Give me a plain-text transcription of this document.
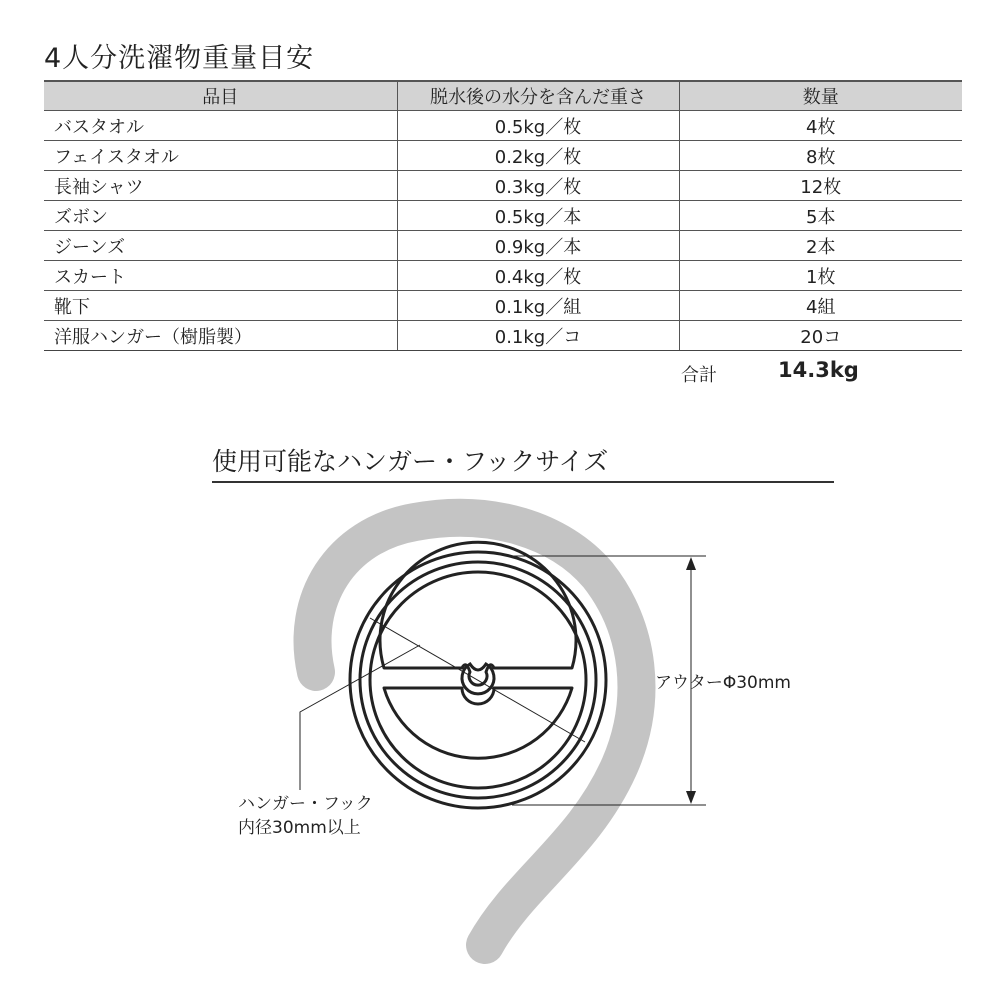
4人分洗濯物重量目安
品目	脱水後の水分を含んだ重さ	数量
バスタオル	0.5kg／枚	4枚
フェイスタオル	0.2kg／枚	8枚
長袖シャツ	0.3kg／枚	12枚
ズボン	0.5kg／本	5本
ジーンズ	0.9kg／本	2本
スカート	0.4kg／枚	1枚
靴下	0.1kg／組	4組
洋服ハンガー（樹脂製）	0.1kg／コ	20コ
合計	14.3kg
使用可能なハンガー・フックサイズ
アウターΦ30mm
ハンガー・フック
内径30mm以上
